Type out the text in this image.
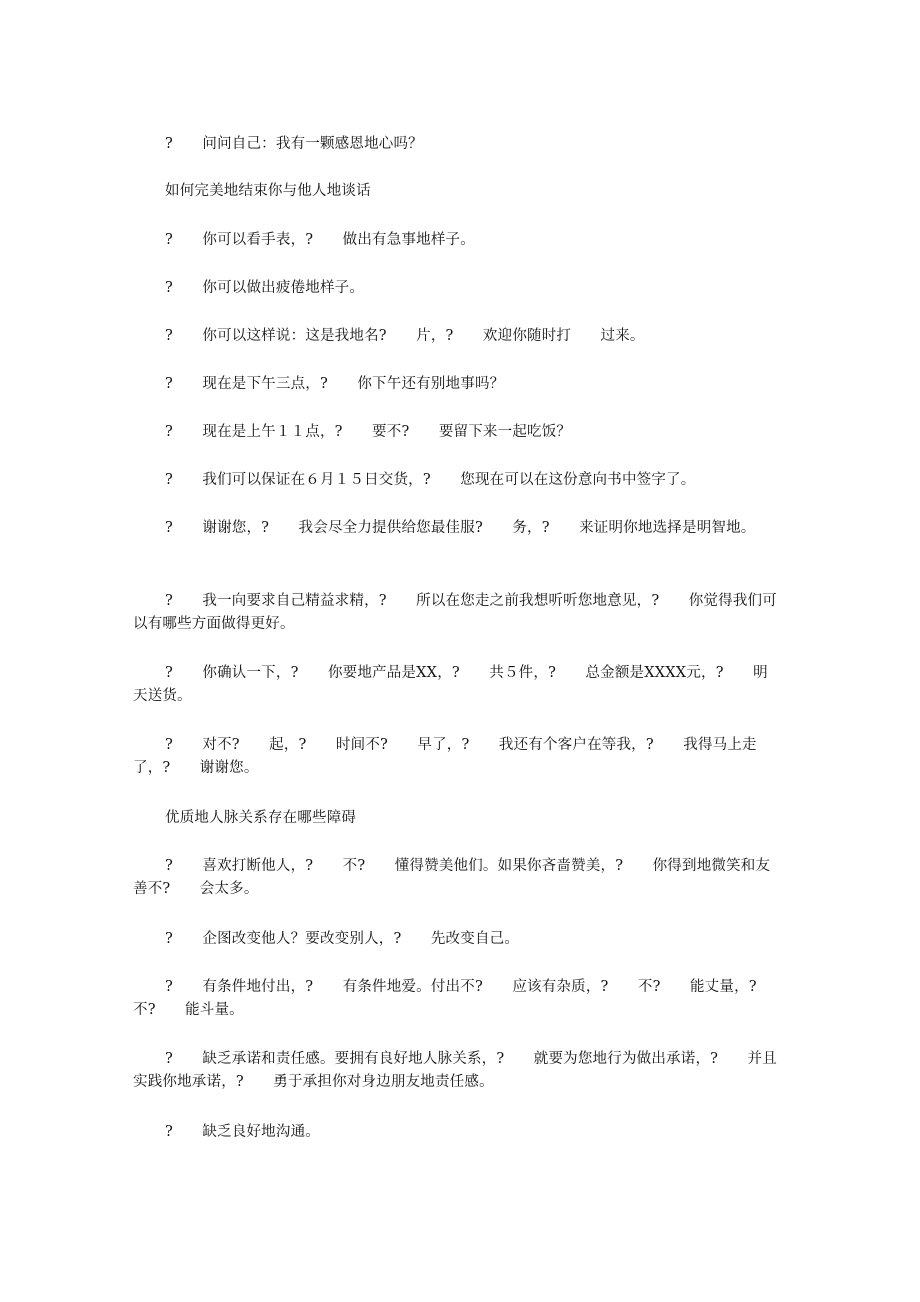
?　　问问自己：我有一颗感恩地心吗？

如何完美地结束你与他人地谈话

?　　你可以看手表，?　　做出有急事地样子。

?　　你可以做出疲倦地样子。

?　　你可以这样说：这是我地名?　　片，?　　欢迎你随时打　　过来。

?　　现在是下午三点，?　　你下午还有别地事吗？

?　　现在是上午１１点，?　　要不?　　要留下来一起吃饭？

?　　我们可以保证在６月１５日交货，?　　您现在可以在这份意向书中签字了。

?　　谢谢您，?　　我会尽全力提供给您最佳服?　　务，?　　来证明你地选择是明智地。

?　　我一向要求自己精益求精，?　　所以在您走之前我想听听您地意见，?　　你觉得我们可以有哪些方面做得更好。

?　　你确认一下，?　　你要地产品是XX，?　　共５件，?　　总金额是XXXX元，?　　明天送货。

?　　对不?　　起，?　　时间不?　　早了，?　　我还有个客户在等我，?　　我得马上走了，?　　谢谢您。

优质地人脉关系存在哪些障碍

?　　喜欢打断他人，?　　不?　　懂得赞美他们。如果你吝啬赞美，?　　你得到地微笑和友善不?　　会太多。

?　　企图改变他人？要改变别人，?　　先改变自己。

?　　有条件地付出，?　　有条件地爱。付出不?　　应该有杂质，?　　不?　　能丈量，?　　不?　　能斗量。

?　　缺乏承诺和责任感。要拥有良好地人脉关系，?　　就要为您地行为做出承诺，?　　并且实践你地承诺，?　　勇于承担你对身边朋友地责任感。

?　　缺乏良好地沟通。
